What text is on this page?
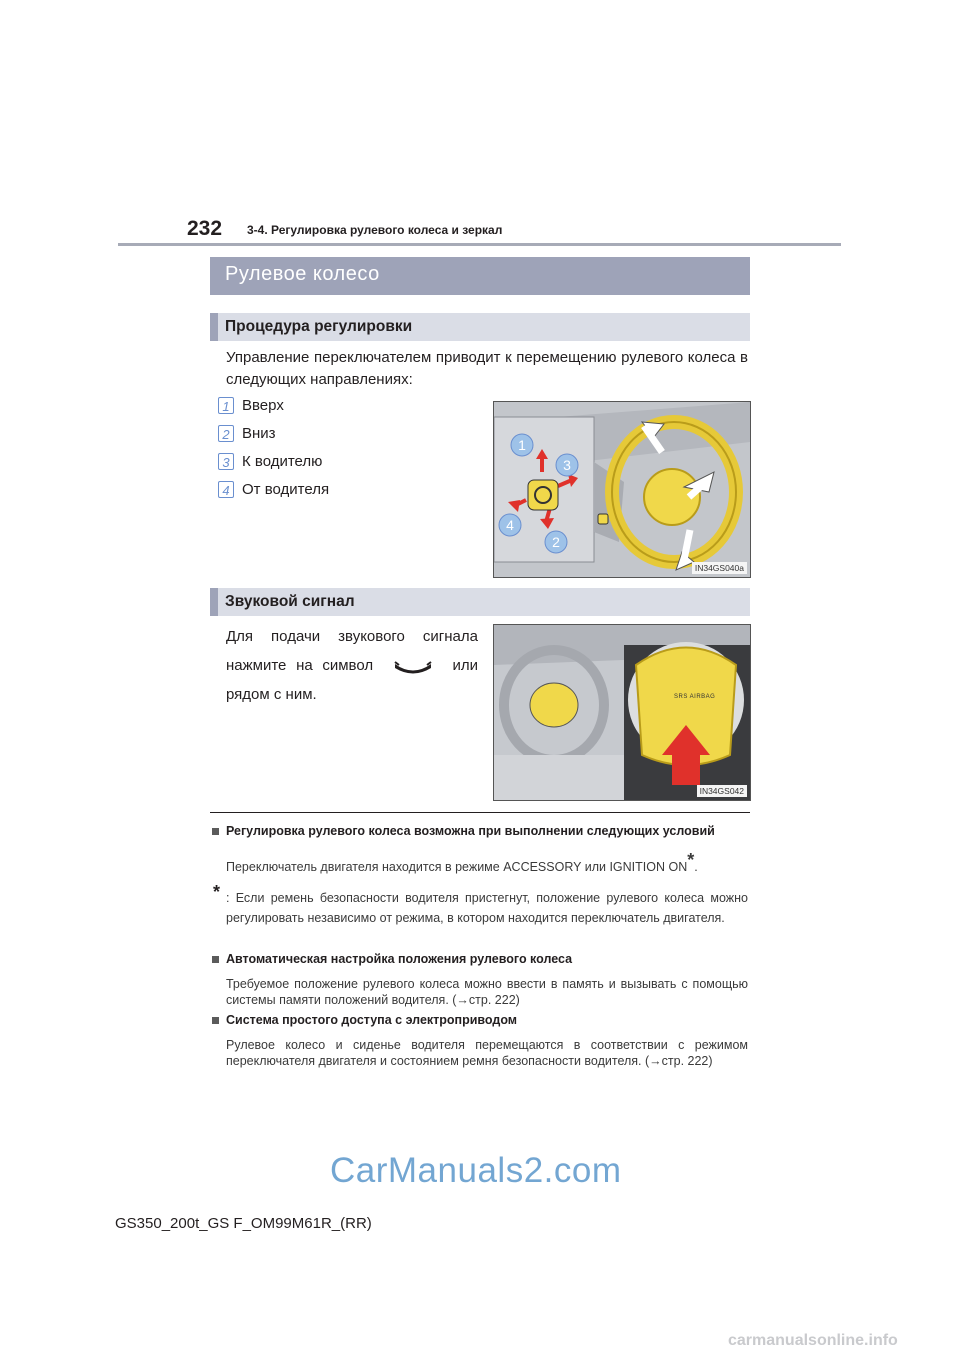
232 3-4. Регулировка рулевого колеса и зеркал
Рулевое колесо
Процедура регулировки
Управление переключателем приводит к перемещению рулевого колеса в следующих направлениях:
1 Вверх
2 Вниз
3 К водителю
4 От водителя
1
3
4
2
IN34GS040a
Звуковой сигнал
Для подачи звукового сигнала нажмите на символ	или рядом с ним.	SRS AIRBAG
IN34GS042
Регулировка рулевого колеса возможна при выполнении следующих условий
Переключатель двигателя находится в режиме ACCESSORY или IGNITION ON*.
* : Если ремень безопасности водителя пристегнут, положение рулевого колеса можно регулировать независимо от режима, в котором находится переключатель двигателя.
Автоматическая настройка положения рулевого колеса
Требуемое положение рулевого колеса можно ввести в память и вызывать с помощью системы памяти положений водителя. (→стр. 222)
Система простого доступа с электроприводом
Рулевое колесо и сиденье водителя перемещаются в соответствии с режимом переключателя двигателя и состоянием ремня безопасности водителя. (→стр. 222)
CarManuals2.com
GS350_200t_GS F_OM99M61R_(RR)
carmanualsonline.info
